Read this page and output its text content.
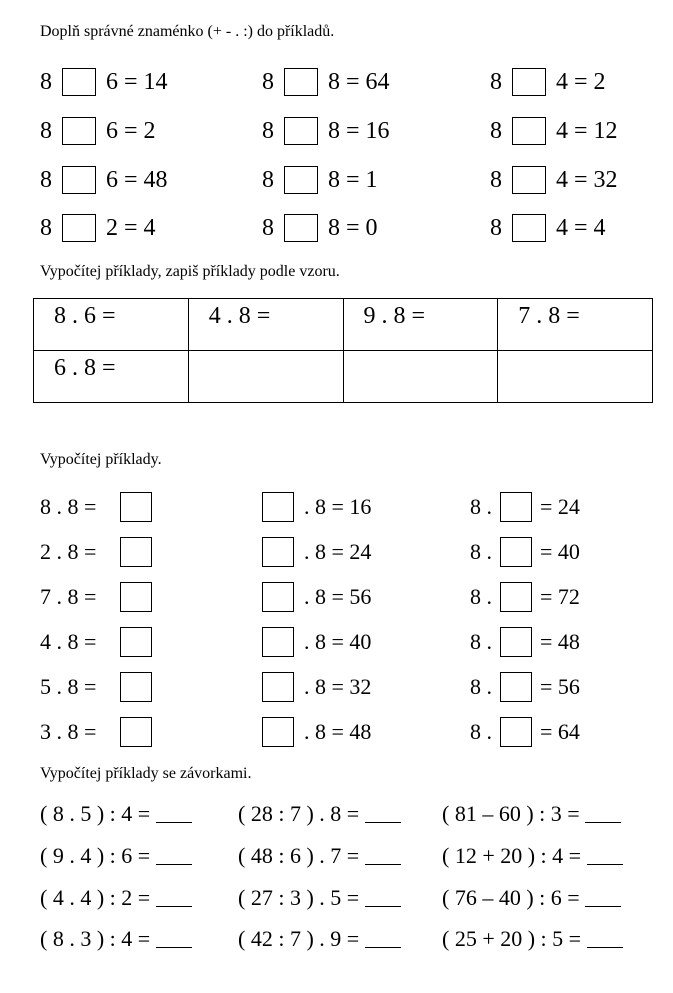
Doplň správné znaménko (+ - . :) do příkladů.
8 6 = 14	8 8 = 64	8 4 = 2
8 6 = 2	8 8 = 16	8 4 = 12
8 6 = 48	8 8 = 1	8 4 = 32
8 2 = 4	8 8 = 0	8 4 = 4
Vypočítej příklady, zapiš příklady podle vzoru.
8 . 6 =	4 . 8 =	9 . 8 =	7 . 8 =
6 . 8 =			
Vypočítej příklady.
8 . 8 =	. 8 = 16	8 . = 24
2 . 8 =	. 8 = 24	8 . = 40
7 . 8 =	. 8 = 56	8 . = 72
4 . 8 =	. 8 = 40	8 . = 48
5 . 8 =	. 8 = 32	8 . = 56
3 . 8 =	. 8 = 48	8 . = 64
Vypočítej příklady se závorkami.
( 8 . 5 ) : 4 =	( 28 : 7 ) . 8 =	( 81 – 60 ) : 3 =
( 9 . 4 ) : 6 =	( 48 : 6 ) . 7 =	( 12 + 20 ) : 4 =
( 4 . 4 ) : 2 =	( 27 : 3 ) . 5 =	( 76 – 40 ) : 6 =
( 8 . 3 ) : 4 =	( 42 : 7 ) . 9 =	( 25 + 20 ) : 5 =
